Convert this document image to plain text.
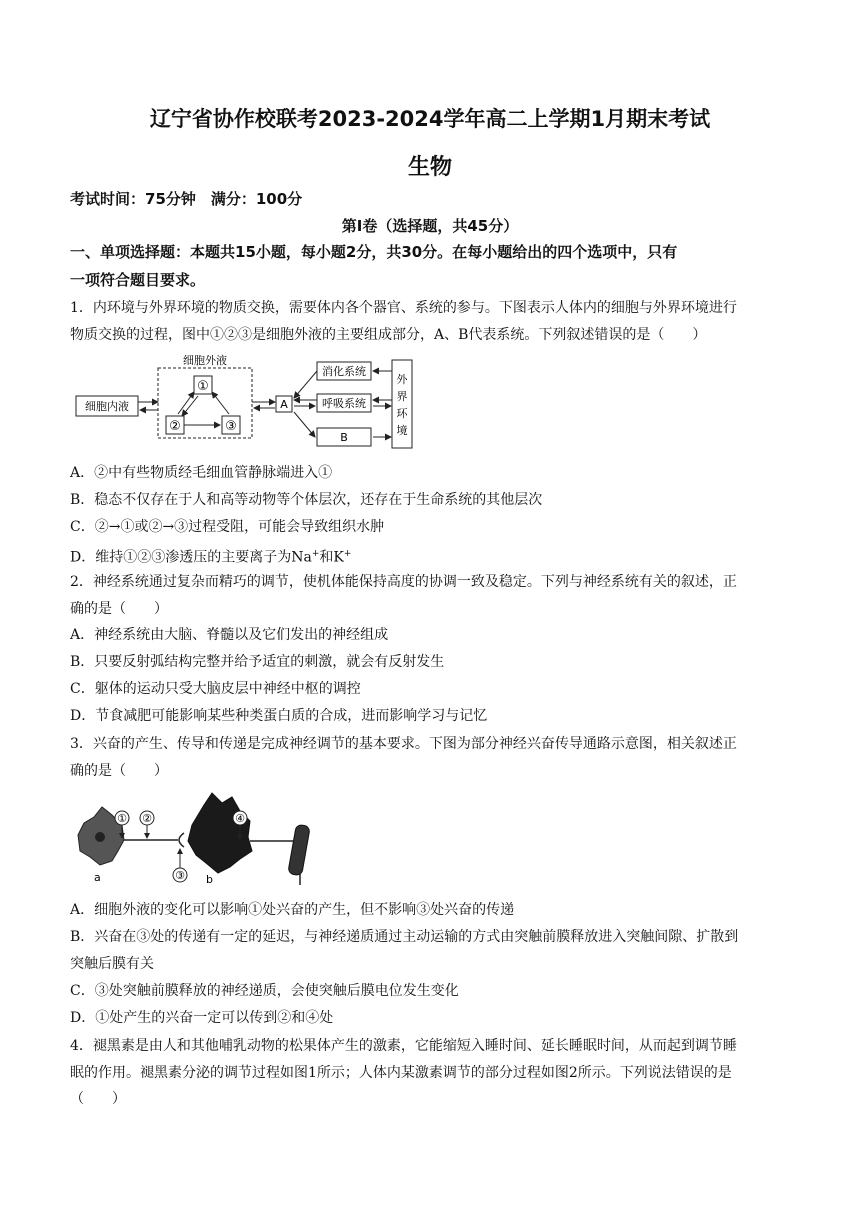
辽宁省协作校联考2023-2024学年高二上学期1月期末考试
生物
考试时间：75分钟　满分：100分
第Ⅰ卷（选择题，共45分）
一、单项选择题：本题共15小题，每小题2分，共30分。在每小题给出的四个选项中，只有
一项符合题目要求。
1．内环境与外界环境的物质交换，需要体内各个器官、系统的参与。下图表示人体内的细胞与外界环境进行
物质交换的过程，图中①②③是细胞外液的主要组成部分，A、B代表系统。下列叙述错误的是（　　）
细胞内液
细胞外液
①
②	③
A
消化系统
呼吸系统
B
外
界
环
境
A．②中有些物质经毛细血管静脉端进入①
B．稳态不仅存在于人和高等动物等个体层次，还存在于生命系统的其他层次
C．②→①或②→③过程受阻，可能会导致组织水肿
D．维持①②③渗透压的主要离子为Na+和K+
2．神经系统通过复杂而精巧的调节，使机体能保持高度的协调一致及稳定。下列与神经系统有关的叙述，正
确的是（　　）
A．神经系统由大脑、脊髓以及它们发出的神经组成
B．只要反射弧结构完整并给予适宜的刺激，就会有反射发生
C．躯体的运动只受大脑皮层中神经中枢的调控
D．节食减肥可能影响某些种类蛋白质的合成，进而影响学习与记忆
3．兴奋的产生、传导和传递是完成神经调节的基本要求。下图为部分神经兴奋传导通路示意图，相关叙述正
确的是（　　）
a	b
① ②
③
④
A．细胞外液的变化可以影响①处兴奋的产生，但不影响③处兴奋的传递
B．兴奋在③处的传递有一定的延迟，与神经递质通过主动运输的方式由突触前膜释放进入突触间隙、扩散到
突触后膜有关
C．③处突触前膜释放的神经递质，会使突触后膜电位发生变化
D．①处产生的兴奋一定可以传到②和④处
4．褪黑素是由人和其他哺乳动物的松果体产生的激素，它能缩短入睡时间、延长睡眠时间，从而起到调节睡
眠的作用。褪黑素分泌的调节过程如图1所示；人体内某激素调节的部分过程如图2所示。下列说法错误的是
（　　）
